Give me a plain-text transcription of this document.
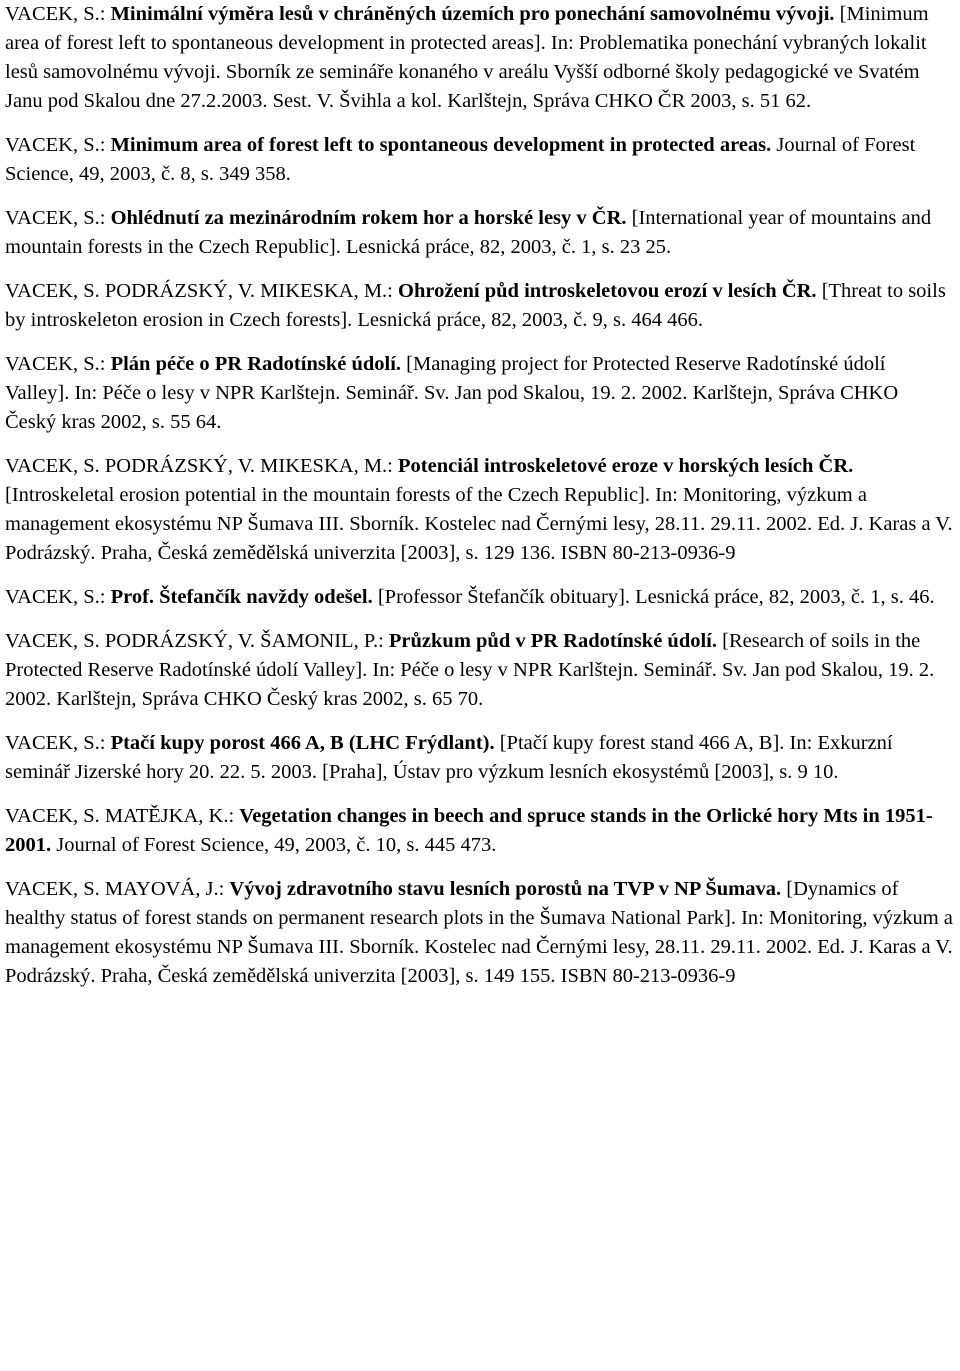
VACEK, S.: Minimální výměra lesů v chráněných územích pro ponechání samovolnému vývoji. [Minimum area of forest left to spontaneous development in protected areas]. In: Problematika ponechání vybraných lokalit lesů samovolnému vývoji. Sborník ze semináře konaného v areálu Vyšší odborné školy pedagogické ve Svatém Janu pod Skalou dne 27.2.2003. Sest. V. Švihla a kol. Karlštejn, Správa CHKO ČR 2003, s. 51 62.

VACEK, S.: Minimum area of forest left to spontaneous development in protected areas. Journal of Forest Science, 49, 2003, č. 8, s. 349 358.

VACEK, S.: Ohlédnutí za mezinárodním rokem hor a horské lesy v ČR. [International year of mountains and mountain forests in the Czech Republic]. Lesnická práce, 82, 2003, č. 1, s. 23 25.

VACEK, S. PODRÁZSKÝ, V. MIKESKA, M.: Ohrožení půd introskeletovou erozí v lesích ČR. [Threat to soils by introskeleton erosion in Czech forests]. Lesnická práce, 82, 2003, č. 9, s. 464 466.

VACEK, S.: Plán péče o PR Radotínské údolí. [Managing project for Protected Reserve Radotínské údolí Valley]. In: Péče o lesy v NPR Karlštejn. Seminář. Sv. Jan pod Skalou, 19. 2. 2002. Karlštejn, Správa CHKO Český kras 2002, s. 55 64.

VACEK, S. PODRÁZSKÝ, V. MIKESKA, M.: Potenciál introskeletové eroze v horských lesích ČR. [Introskeletal erosion potential in the mountain forests of the Czech Republic]. In: Monitoring, výzkum a management ekosystému NP Šumava III. Sborník. Kostelec nad Černými lesy, 28.11. 29.11. 2002. Ed. J. Karas a V. Podrázský. Praha, Česká zemědělská univerzita [2003], s. 129 136. ISBN 80-213-0936-9

VACEK, S.: Prof. Štefančík navždy odešel. [Professor Štefančík obituary]. Lesnická práce, 82, 2003, č. 1, s. 46.

VACEK, S. PODRÁZSKÝ, V. ŠAMONIL, P.: Průzkum půd v PR Radotínské údolí. [Research of soils in the Protected Reserve Radotínské údolí Valley]. In: Péče o lesy v NPR Karlštejn. Seminář. Sv. Jan pod Skalou, 19. 2. 2002. Karlštejn, Správa CHKO Český kras 2002, s. 65 70.

VACEK, S.: Ptačí kupy porost 466 A, B (LHC Frýdlant). [Ptačí kupy forest stand 466 A, B]. In: Exkurzní seminář Jizerské hory 20. 22. 5. 2003. [Praha], Ústav pro výzkum lesních ekosystémů [2003], s. 9 10.

VACEK, S. MATĚJKA, K.: Vegetation changes in beech and spruce stands in the Orlické hory Mts in 1951-2001. Journal of Forest Science, 49, 2003, č. 10, s. 445 473.

VACEK, S. MAYOVÁ, J.: Vývoj zdravotního stavu lesních porostů na TVP v NP Šumava. [Dynamics of healthy status of forest stands on permanent research plots in the Šumava National Park]. In: Monitoring, výzkum a management ekosystému NP Šumava III. Sborník. Kostelec nad Černými lesy, 28.11. 29.11. 2002. Ed. J. Karas a V. Podrázský. Praha, Česká zemědělská univerzita [2003], s. 149 155. ISBN 80-213-0936-9
